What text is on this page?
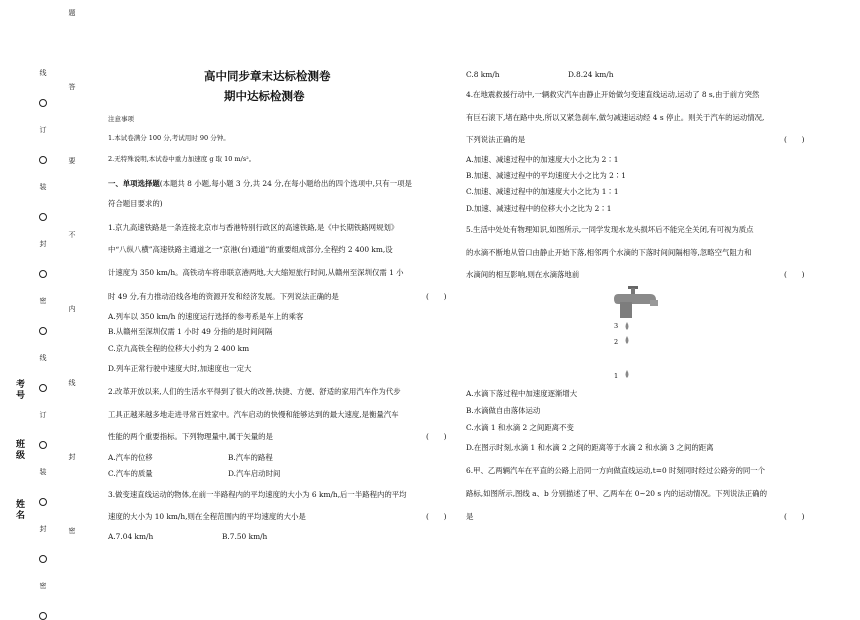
线
订
装
封
密
线
订
装
封
密
题
答
要
不
内
线
封
密
考
号
班
级
姓
名
高中同步章末达标检测卷
期中达标检测卷
注意事项
1.本试卷满分 100 分,考试用时 90 分钟。
2.无特殊说明,本试卷中重力加速度 g 取 10 m/s²。
一、单项选择题(本题共 8 小题,每小题 3 分,共 24 分,在每小题给出的四个选项中,只有一项是
符合题目要求的)
1.京九高速铁路是一条连接北京市与香港特别行政区的高速铁路,是《中长期铁路网规划》
中“八纵八横”高速铁路主通道之一“京港(台)通道”的重要组成部分,全程约 2 400 km,设
计速度为 350 km/h。高铁动车将串联京港两地,大大缩短旅行时间,从赣州至深圳仅需 1 小
时 49 分,有力推动沿线各地的资源开发和经济发展。下列说法正确的是	(　　)
A.列车以 350 km/h 的速度运行选择的参考系是车上的乘客
B.从赣州至深圳仅需 1 小时 49 分指的是时间间隔
C.京九高铁全程的位移大小约为 2 400 km
D.列车正常行驶中速度大时,加速度也一定大
2.改革开放以来,人们的生活水平得到了很大的改善,快捷、方便、舒适的家用汽车作为代步
工具正越来越多地走进寻常百姓家中。汽车启动的快慢和能够达到的最大速度,是衡量汽车
性能的两个重要指标。下列物理量中,属于矢量的是	(　　)
A.汽车的位移	B.汽车的路程
C.汽车的质量	D.汽车启动时间
3.做变速直线运动的物体,在前一半路程内的平均速度的大小为 6 km/h,后一半路程内的平均
速度的大小为 10 km/h,则在全程范围内的平均速度的大小是	(　　)
A.7.04 km/h	B.7.50 km/h
C.8 km/h	D.8.24 km/h
4.在地震救援行动中,一辆救灾汽车由静止开始做匀变速直线运动,运动了 8 s,由于前方突然
有巨石滚下,堵在路中央,所以又紧急刹车,做匀减速运动经 4 s 停止。则关于汽车的运动情况,
下列说法正确的是	(　　)
A.加速、减速过程中的加速度大小之比为 2∶1
B.加速、减速过程中的平均速度大小之比为 2∶1
C.加速、减速过程中的加速度大小之比为 1∶1
D.加速、减速过程中的位移大小之比为 2∶1
5.生活中处处有物理知识,如图所示,一同学发现水龙头损坏后不能完全关闭,有可视为质点
的水滴不断地从管口由静止开始下落,相邻两个水滴的下落时间间隔相等,忽略空气阻力和
水滴间的相互影响,则在水滴落地前	(　　)
3
2
1
A.水滴下落过程中加速度逐渐增大
B.水滴做自由落体运动
C.水滴 1 和水滴 2 之间距离不变
D.在图示时刻,水滴 1 和水滴 2 之间的距离等于水滴 2 和水滴 3 之间的距离
6.甲、乙两辆汽车在平直的公路上沿同一方向做直线运动,t=0 时刻同时经过公路旁的同一个
路标,如图所示,图线 a、b 分别描述了甲、乙两车在 0~20 s 内的运动情况。下列说法正确的
是	(　　)
